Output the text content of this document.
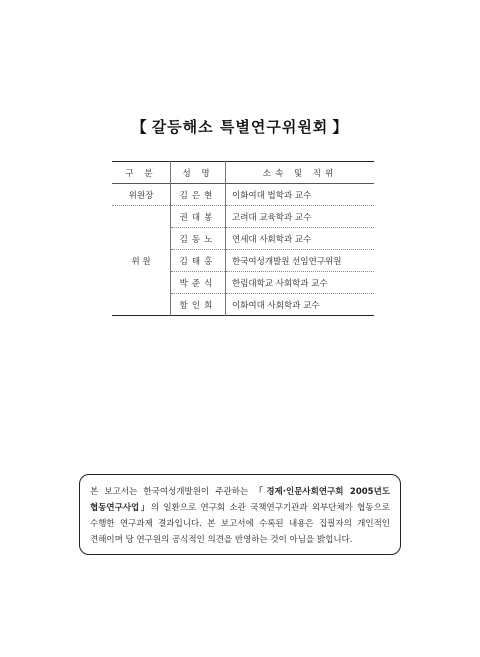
【 갈등해소 특별연구위원회 】
구 분	성 명	소속 및 직위
위원장	김은현	이화여대 법학과 교수
위 원	권대봉	고려대 교육학과 교수
	김동노	연세대 사회학과 교수
	김태홍	한국여성개발원 선임연구위원
	박준식	한림대학교 사회학과 교수
	함인희	이화여대 사회학과 교수
본 보고서는 한국여성개발원이 주관하는 「경제·인문사회연구회 2005년도 협동연구사업」의 일환으로 연구회 소관 국책연구기관과 외부단체가 협동으로 수행한 연구과제 결과입니다. 본 보고서에 수록된 내용은 집필자의 개인적인 견해이며 당 연구원의 공식적인 의견을 반영하는 것이 아님을 밝힙니다.
